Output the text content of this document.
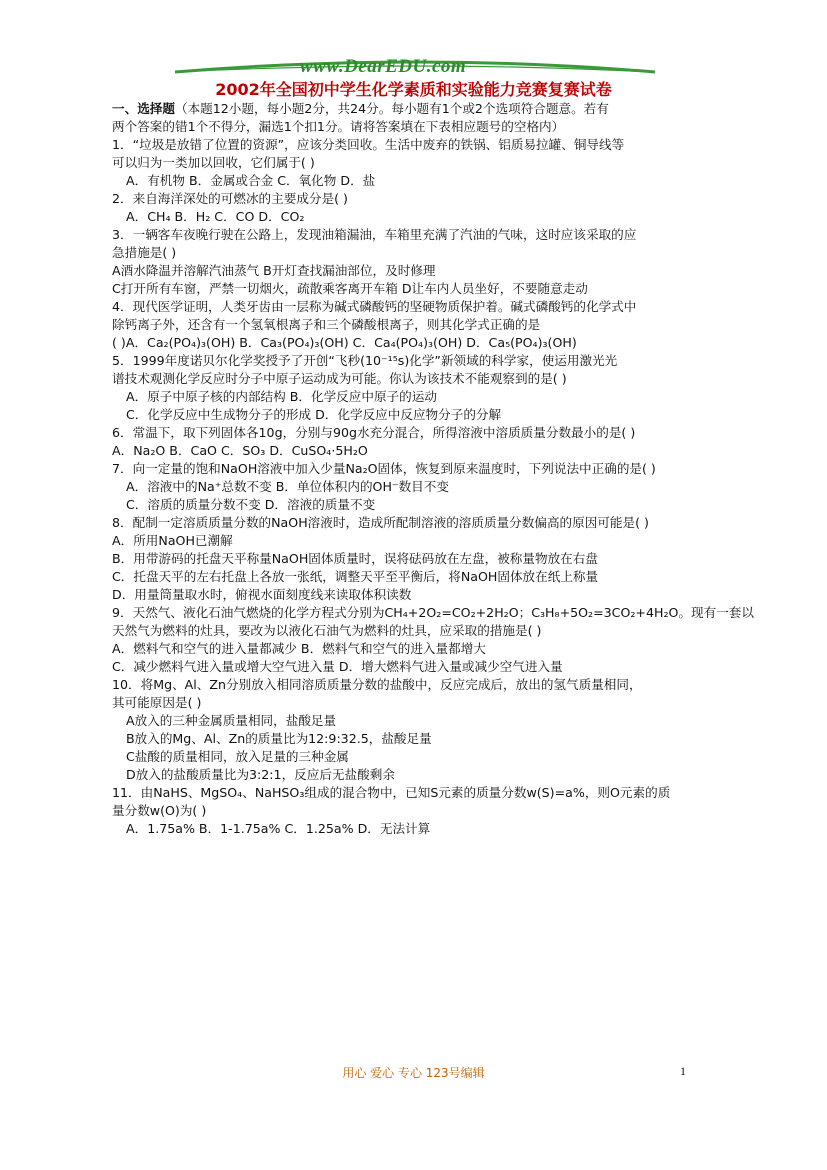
www.DearEDU.com
2002年全国初中学生化学素质和实验能力竞赛复赛试卷
一、选择题（本题12小题，每小题2分，共24分。每小题有1个或2个选项符合题意。若有
两个答案的错1个不得分，漏选1个扣1分。请将答案填在下表相应题号的空格内）
1．“垃圾是放错了位置的资源”，应该分类回收。生活中废弃的铁锅、铝质易拉罐、铜导线等
可以归为一类加以回收，它们属于( )
A．有机物 B．金属或合金 C．氧化物 D．盐
2．来自海洋深处的可燃冰的主要成分是( )
A．CH₄ B．H₂ C．CO D．CO₂
3．一辆客车夜晚行驶在公路上，发现油箱漏油，车箱里充满了汽油的气味，这时应该采取的应
急措施是( )
A酒水降温并溶解汽油蒸气 B开灯查找漏油部位，及时修理
C打开所有车窗，严禁一切烟火，疏散乘客离开车箱 D让车内人员坐好，不要随意走动
4．现代医学证明，人类牙齿由一层称为碱式磷酸钙的坚硬物质保护着。碱式磷酸钙的化学式中
除钙离子外，还含有一个氢氧根离子和三个磷酸根离子，则其化学式正确的是
( )A．Ca₂(PO₄)₃(OH) B．Ca₃(PO₄)₃(OH) C．Ca₄(PO₄)₃(OH) D．Ca₅(PO₄)₃(OH)
5．1999年度诺贝尔化学奖授予了开创“飞秒(10⁻¹⁵s)化学”新领域的科学家，使运用激光光
谱技术观测化学反应时分子中原子运动成为可能。你认为该技术不能观察到的是( )
A．原子中原子核的内部结构 B．化学反应中原子的运动
C．化学反应中生成物分子的形成 D．化学反应中反应物分子的分解
6．常温下，取下列固体各10g，分别与90g水充分混合，所得溶液中溶质质量分数最小的是( )
A．Na₂O B．CaO C．SO₃ D．CuSO₄·5H₂O
7．向一定量的饱和NaOH溶液中加入少量Na₂O固体，恢复到原来温度时，下列说法中正确的是( )
A．溶液中的Na⁺总数不变 B．单位体积内的OH⁻数目不变
C．溶质的质量分数不变 D．溶液的质量不变
8．配制一定溶质质量分数的NaOH溶液时，造成所配制溶液的溶质质量分数偏高的原因可能是( )
A．所用NaOH已潮解
B．用带游码的托盘天平称量NaOH固体质量时，误将砝码放在左盘，被称量物放在右盘
C．托盘天平的左右托盘上各放一张纸，调整天平至平衡后，将NaOH固体放在纸上称量
D．用量筒量取水时，俯视水面刻度线来读取体积读数
9．天然气、液化石油气燃烧的化学方程式分别为CH₄+2O₂=CO₂+2H₂O；C₃H₈+5O₂=3CO₂+4H₂O。现有一套以
天然气为燃料的灶具，要改为以液化石油气为燃料的灶具，应采取的措施是( )
A．燃料气和空气的进入量都减少 B．燃料气和空气的进入量都增大
C．减少燃料气进入量或增大空气进入量 D．增大燃料气进入量或减少空气进入量
10．将Mg、Al、Zn分别放入相同溶质质量分数的盐酸中，反应完成后，放出的氢气质量相同，
其可能原因是( )
A放入的三种金属质量相同，盐酸足量
B放入的Mg、Al、Zn的质量比为12:9:32.5，盐酸足量
C盐酸的质量相同，放入足量的三种金属
D放入的盐酸质量比为3:2:1，反应后无盐酸剩余
11．由NaHS、MgSO₄、NaHSO₃组成的混合物中，已知S元素的质量分数w(S)=a%，则O元素的质
量分数w(O)为( )
A．1.75a% B．1-1.75a% C．1.25a% D．无法计算
用心 爱心 专心 123号编辑	1
